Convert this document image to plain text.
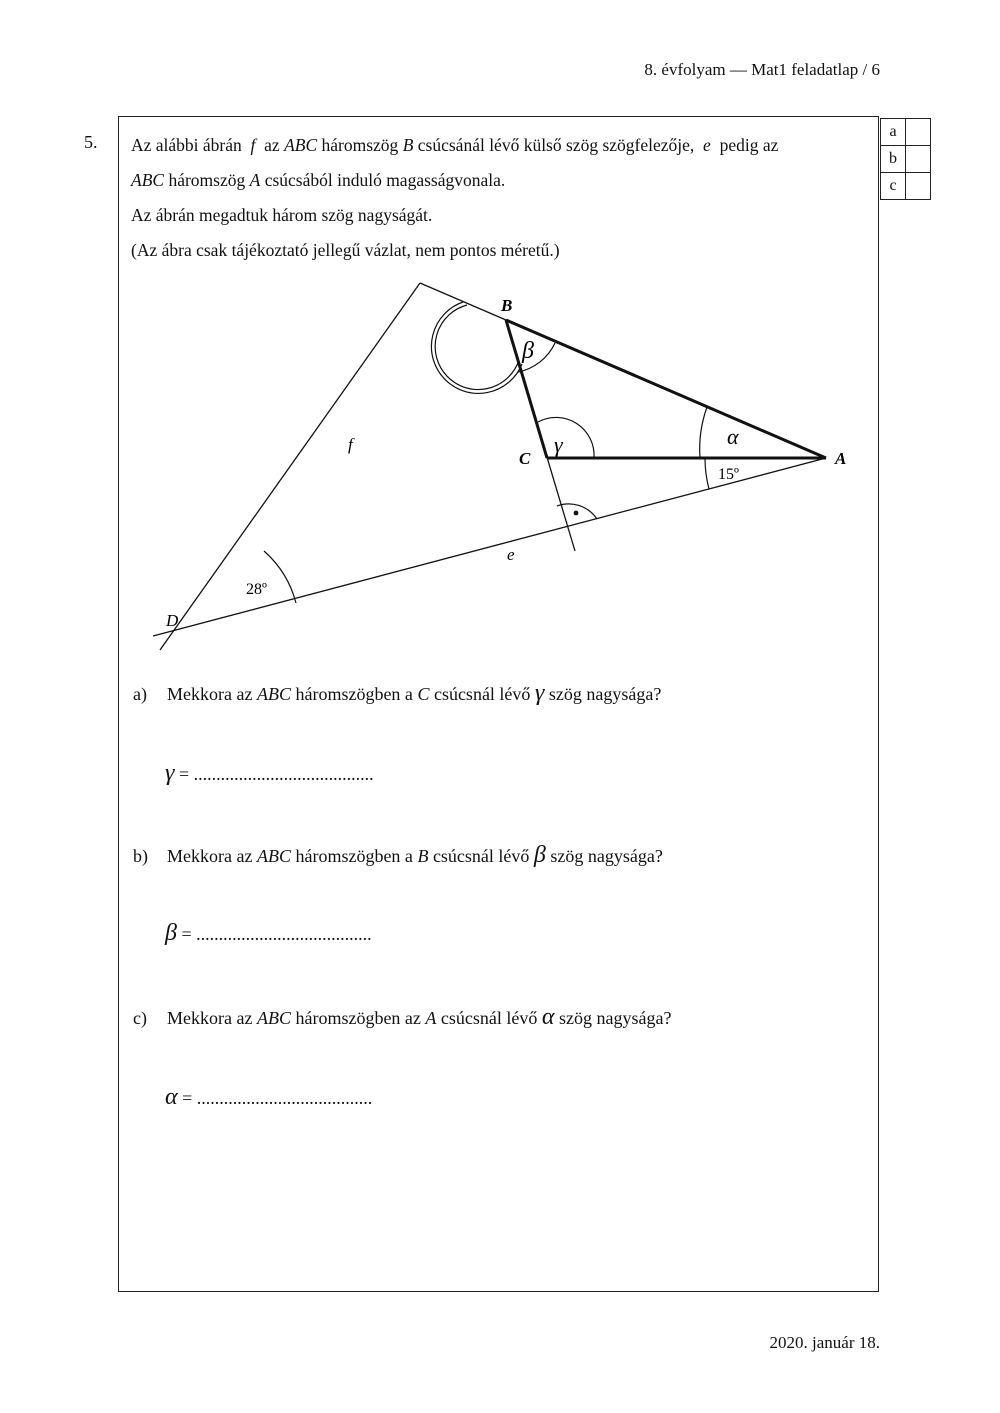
8. évfolyam — Mat1 feladatlap / 6
5.
a	
b	
c	

Az alábbi ábrán f az ABC háromszög B csúcsánál lévő külső szög szögfelezője, e pedig az

ABC háromszög A csúcsából induló magasságvonala.

Az ábrán megadtuk három szög nagyságát.

(Az ábra csak tájékoztató jellegű vázlat, nem pontos méretű.)

B
C	A
D
f
e
β
γ	α
15º
28º
a) Mekkora az ABC háromszögben a C csúcsnál lévő γ szög nagysága?
γ = ........................................
b) Mekkora az ABC háromszögben a B csúcsnál lévő β szög nagysága?
β = .......................................
c) Mekkora az ABC háromszögben az A csúcsnál lévő α szög nagysága?
α = .......................................
2020. január 18.
